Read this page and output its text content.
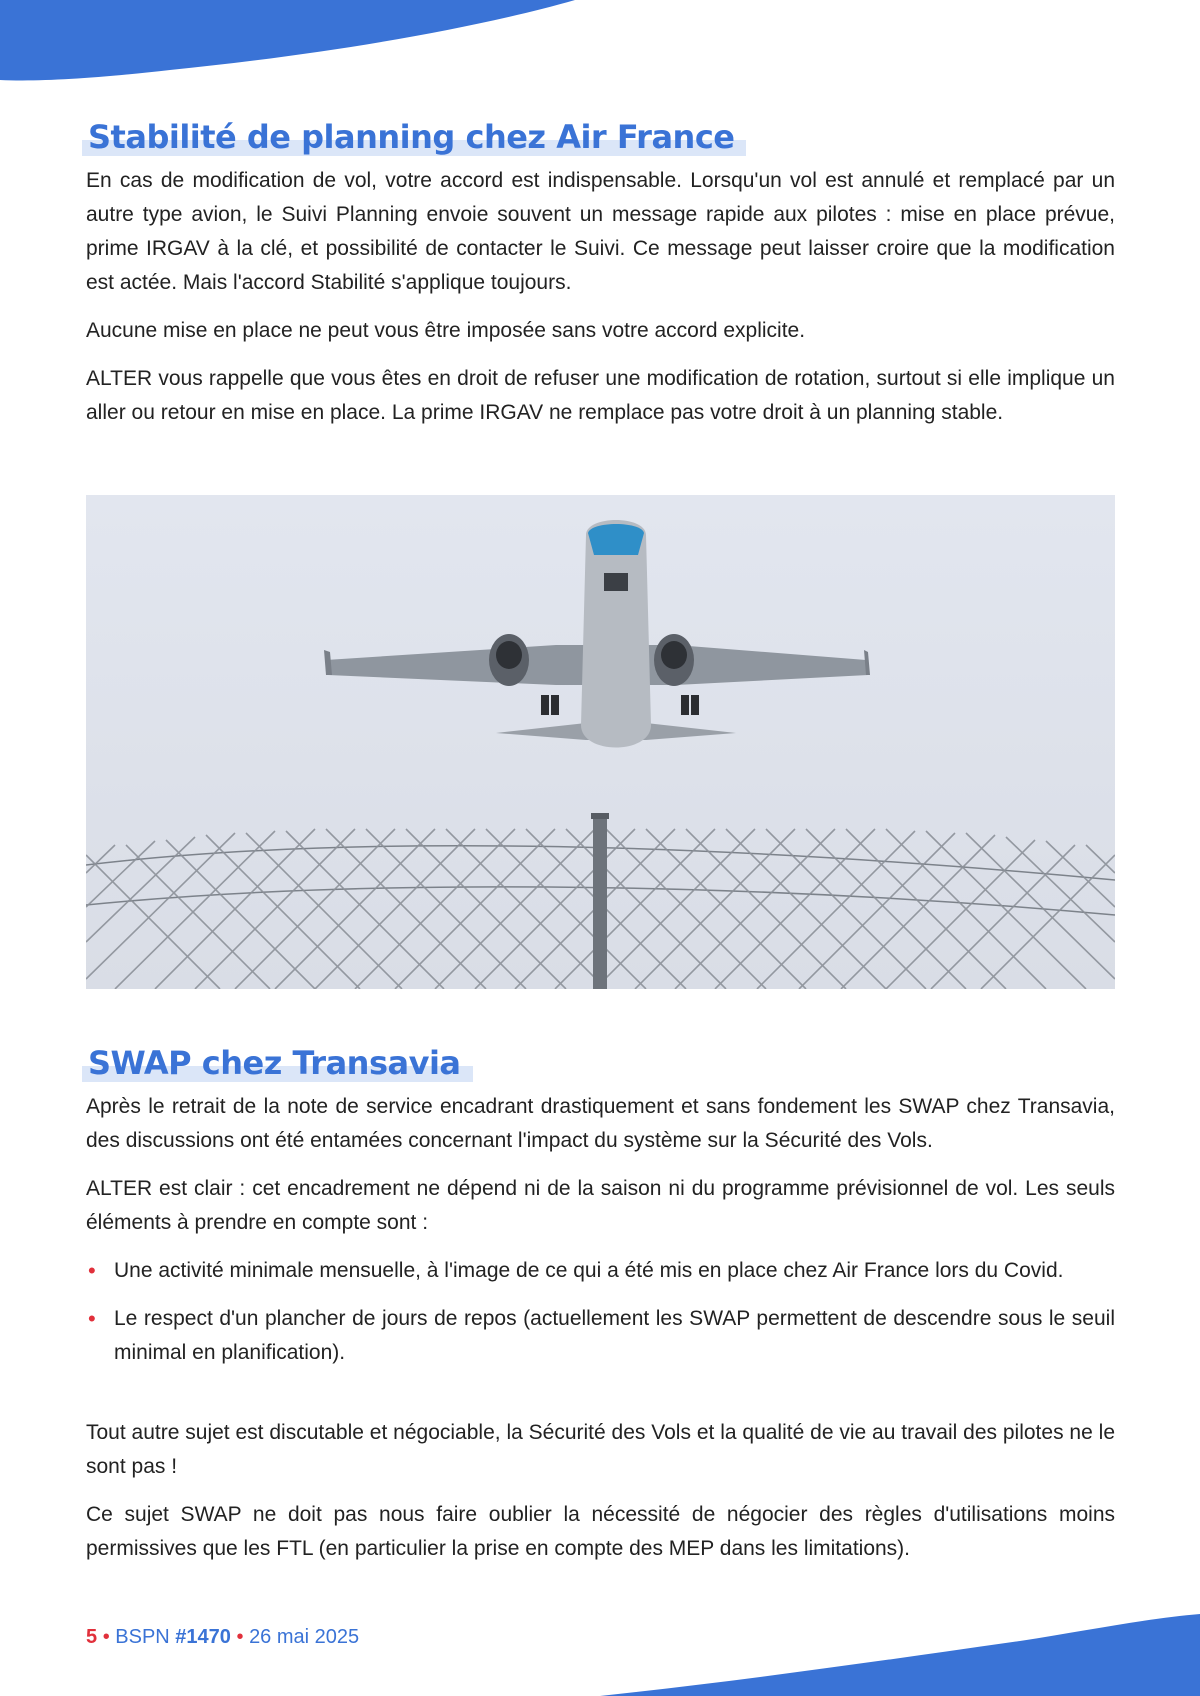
Stabilité de planning chez Air France

En cas de modification de vol, votre accord est indispensable. Lorsqu'un vol est annulé et remplacé par un autre type avion, le Suivi Planning envoie souvent un message rapide aux pilotes : mise en place prévue, prime IRGAV à la clé, et possibilité de contacter le Suivi. Ce message peut laisser croire que la modification est actée. Mais l'accord Stabilité s'applique toujours.

Aucune mise en place ne peut vous être imposée sans votre accord explicite.

ALTER vous rappelle que vous êtes en droit de refuser une modification de rotation, surtout si elle implique un aller ou retour en mise en place. La prime IRGAV ne remplace pas votre droit à un planning stable.

SWAP chez Transavia

Après le retrait de la note de service encadrant drastiquement et sans fondement les SWAP chez Transavia, des discussions ont été entamées concernant l'impact du système sur la Sécurité des Vols.

ALTER est clair : cet encadrement ne dépend ni de la saison ni du programme prévisionnel de vol. Les seuls éléments à prendre en compte sont :

• Une activité minimale mensuelle, à l'image de ce qui a été mis en place chez Air France lors du Covid.
• Le respect d'un plancher de jours de repos (actuellement les SWAP permettent de descendre sous le seuil minimal en planification).

Tout autre sujet est discutable et négociable, la Sécurité des Vols et la qualité de vie au travail des pilotes ne le sont pas !

Ce sujet SWAP ne doit pas nous faire oublier la nécessité de négocier des règles d'utilisations moins permissives que les FTL (en particulier la prise en compte des MEP dans les limitations).

5 • BSPN #1470 • 26 mai 2025
